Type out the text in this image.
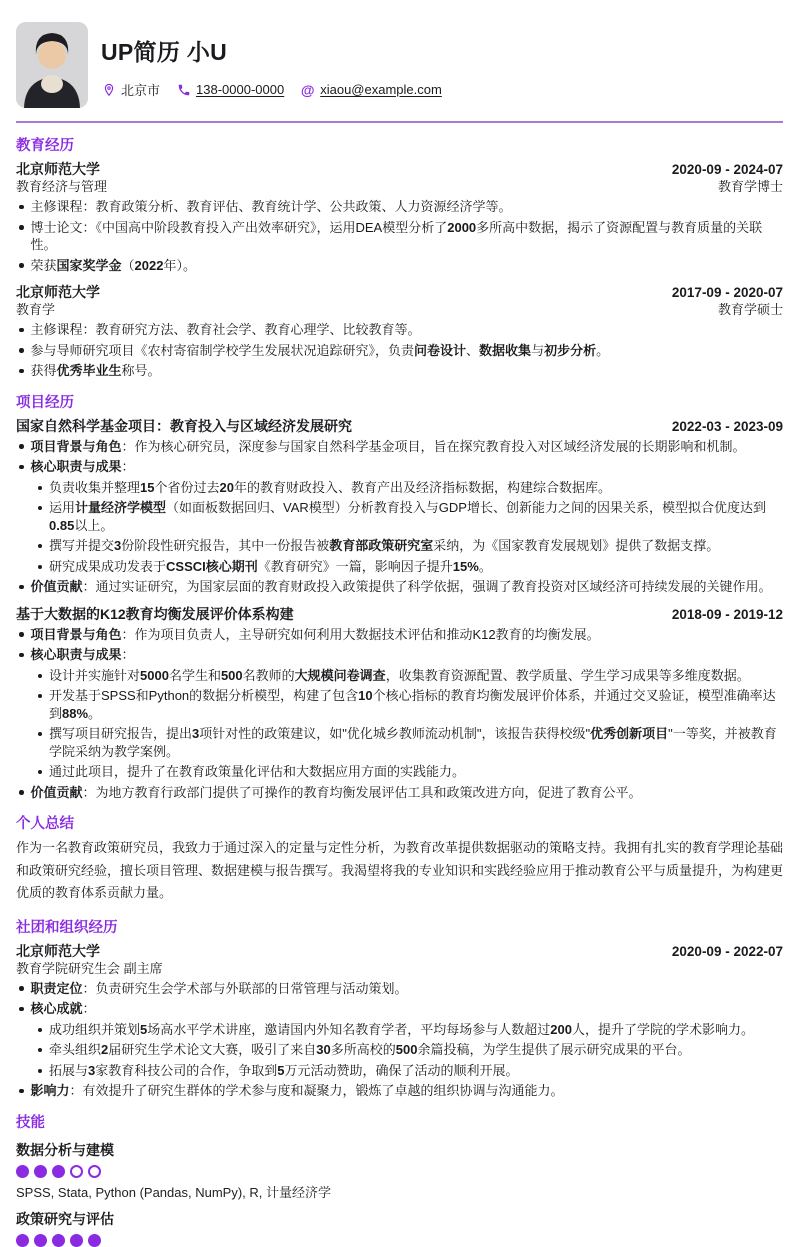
UP简历 小U
北京市	138-0000-0000 @ xiaou@example.com
教育经历
北京师范大学	2020-09 - 2024-07
教育经济与管理	教育学博士
主修课程：教育政策分析、教育评估、教育统计学、公共政策、人力资源经济学等。
博士论文：《中国高中阶段教育投入产出效率研究》，运用DEA模型分析了2000多所高中数据，揭示了资源配置与教育质量的关联性。
荣获国家奖学金（2022年）。
北京师范大学	2017-09 - 2020-07
教育学	教育学硕士
主修课程：教育研究方法、教育社会学、教育心理学、比较教育等。
参与导师研究项目《农村寄宿制学校学生发展状况追踪研究》，负责问卷设计、数据收集与初步分析。
获得优秀毕业生称号。
项目经历
国家自然科学基金项目：教育投入与区域经济发展研究	2022-03 - 2023-09
项目背景与角色：作为核心研究员，深度参与国家自然科学基金项目，旨在探究教育投入对区域经济发展的长期影响和机制。
核心职责与成果：
负责收集并整理15个省份过去20年的教育财政投入、教育产出及经济指标数据，构建综合数据库。
运用计量经济学模型（如面板数据回归、VAR模型）分析教育投入与GDP增长、创新能力之间的因果关系，模型拟合优度达到0.85以上。
撰写并提交3份阶段性研究报告，其中一份报告被教育部政策研究室采纳，为《国家教育发展规划》提供了数据支撑。
研究成果成功发表于CSSCI核心期刊《教育研究》一篇，影响因子提升15%。
价值贡献：通过实证研究，为国家层面的教育财政投入政策提供了科学依据，强调了教育投资对区域经济可持续发展的关键作用。
基于大数据的K12教育均衡发展评价体系构建	2018-09 - 2019-12
项目背景与角色：作为项目负责人，主导研究如何利用大数据技术评估和推动K12教育的均衡发展。
核心职责与成果：
设计并实施针对5000名学生和500名教师的大规模问卷调查，收集教育资源配置、教学质量、学生学习成果等多维度数据。
开发基于SPSS和Python的数据分析模型，构建了包含10个核心指标的教育均衡发展评价体系，并通过交叉验证，模型准确率达到88%。
撰写项目研究报告，提出3项针对性的政策建议，如"优化城乡教师流动机制"，该报告获得校级"优秀创新项目"一等奖，并被教育学院采纳为教学案例。
通过此项目，提升了在教育政策量化评估和大数据应用方面的实践能力。
价值贡献：为地方教育行政部门提供了可操作的教育均衡发展评估工具和政策改进方向，促进了教育公平。
个人总结
作为一名教育政策研究员，我致力于通过深入的定量与定性分析，为教育改革提供数据驱动的策略支持。我拥有扎实的教育学理论基础和政策研究经验，擅长项目管理、数据建模与报告撰写。我渴望将我的专业知识和实践经验应用于推动教育公平与质量提升，为构建更优质的教育体系贡献力量。
社团和组织经历
北京师范大学	2020-09 - 2022-07
教育学院研究生会 副主席
职责定位：负责研究生会学术部与外联部的日常管理与活动策划。
核心成就：
成功组织并策划5场高水平学术讲座，邀请国内外知名教育学者，平均每场参与人数超过200人，提升了学院的学术影响力。
牵头组织2届研究生学术论文大赛，吸引了来自30多所高校的500余篇投稿，为学生提供了展示研究成果的平台。
拓展与3家教育科技公司的合作，争取到5万元活动赞助，确保了活动的顺利开展。
影响力：有效提升了研究生群体的学术参与度和凝聚力，锻炼了卓越的组织协调与沟通能力。
技能
数据分析与建模
SPSS, Stata, Python (Pandas, NumPy), R, 计量经济学
政策研究与评估
